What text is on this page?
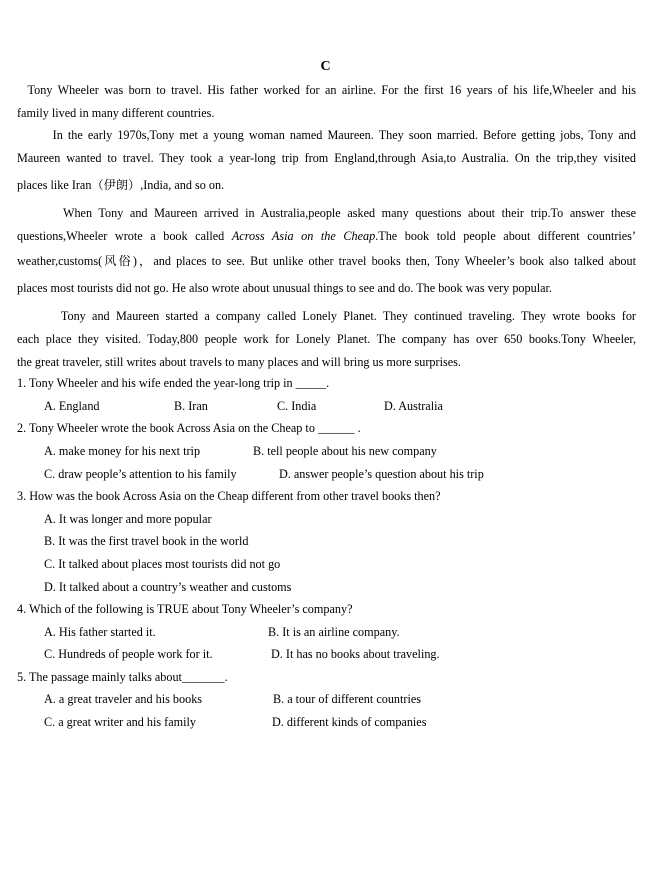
C
Tony Wheeler was born to travel. His father worked for an airline. For the first 16 years of his life,Wheeler and his
family lived in many different countries.
In the early 1970s,Tony met a young woman named Maureen. They soon married. Before getting jobs, Tony and
Maureen wanted to travel. They took a year-long trip from England,through Asia,to Australia. On the trip,they visited
places like Iran（伊朗）,India, and so on.
When Tony and Maureen arrived in Australia,people asked many questions about their trip.To answer these
questions,Wheeler wrote a book called Across Asia on the Cheap.The book told people about different countries’
weather,customs(风俗)，and places to see. But unlike other travel books then, Tony Wheeler’s book also talked about
places most tourists did not go. He also wrote about unusual things to see and do. The book was very popular.
Tony and Maureen started a company called Lonely Planet. They continued traveling. They wrote books for
each place they visited. Today,800 people work for Lonely Planet. The company has over 650 books.Tony Wheeler,
the great traveler, still writes about travels to many places and will bring us more surprises.
1. Tony Wheeler and his wife ended the year-long trip in _____.
A. England	B. Iran	C. India	D. Australia
2. Tony Wheeler wrote the book Across Asia on the Cheap to ______ .
A. make money for his next trip	B. tell people about his new company
C. draw people’s attention to his family	D. answer people’s question about his trip
3. How was the book Across Asia on the Cheap different from other travel books then?
A. It was longer and more popular
B. It was the first travel book in the world
C. It talked about places most tourists did not go
D. It talked about a country’s weather and customs
4. Which of the following is TRUE about Tony Wheeler’s company?
A. His father started it.	B. It is an airline company.
C. Hundreds of people work for it.	D. It has no books about traveling.
5. The passage mainly talks about_______.
A. a great traveler and his books	B. a tour of different countries
C. a great writer and his family	D. different kinds of companies
